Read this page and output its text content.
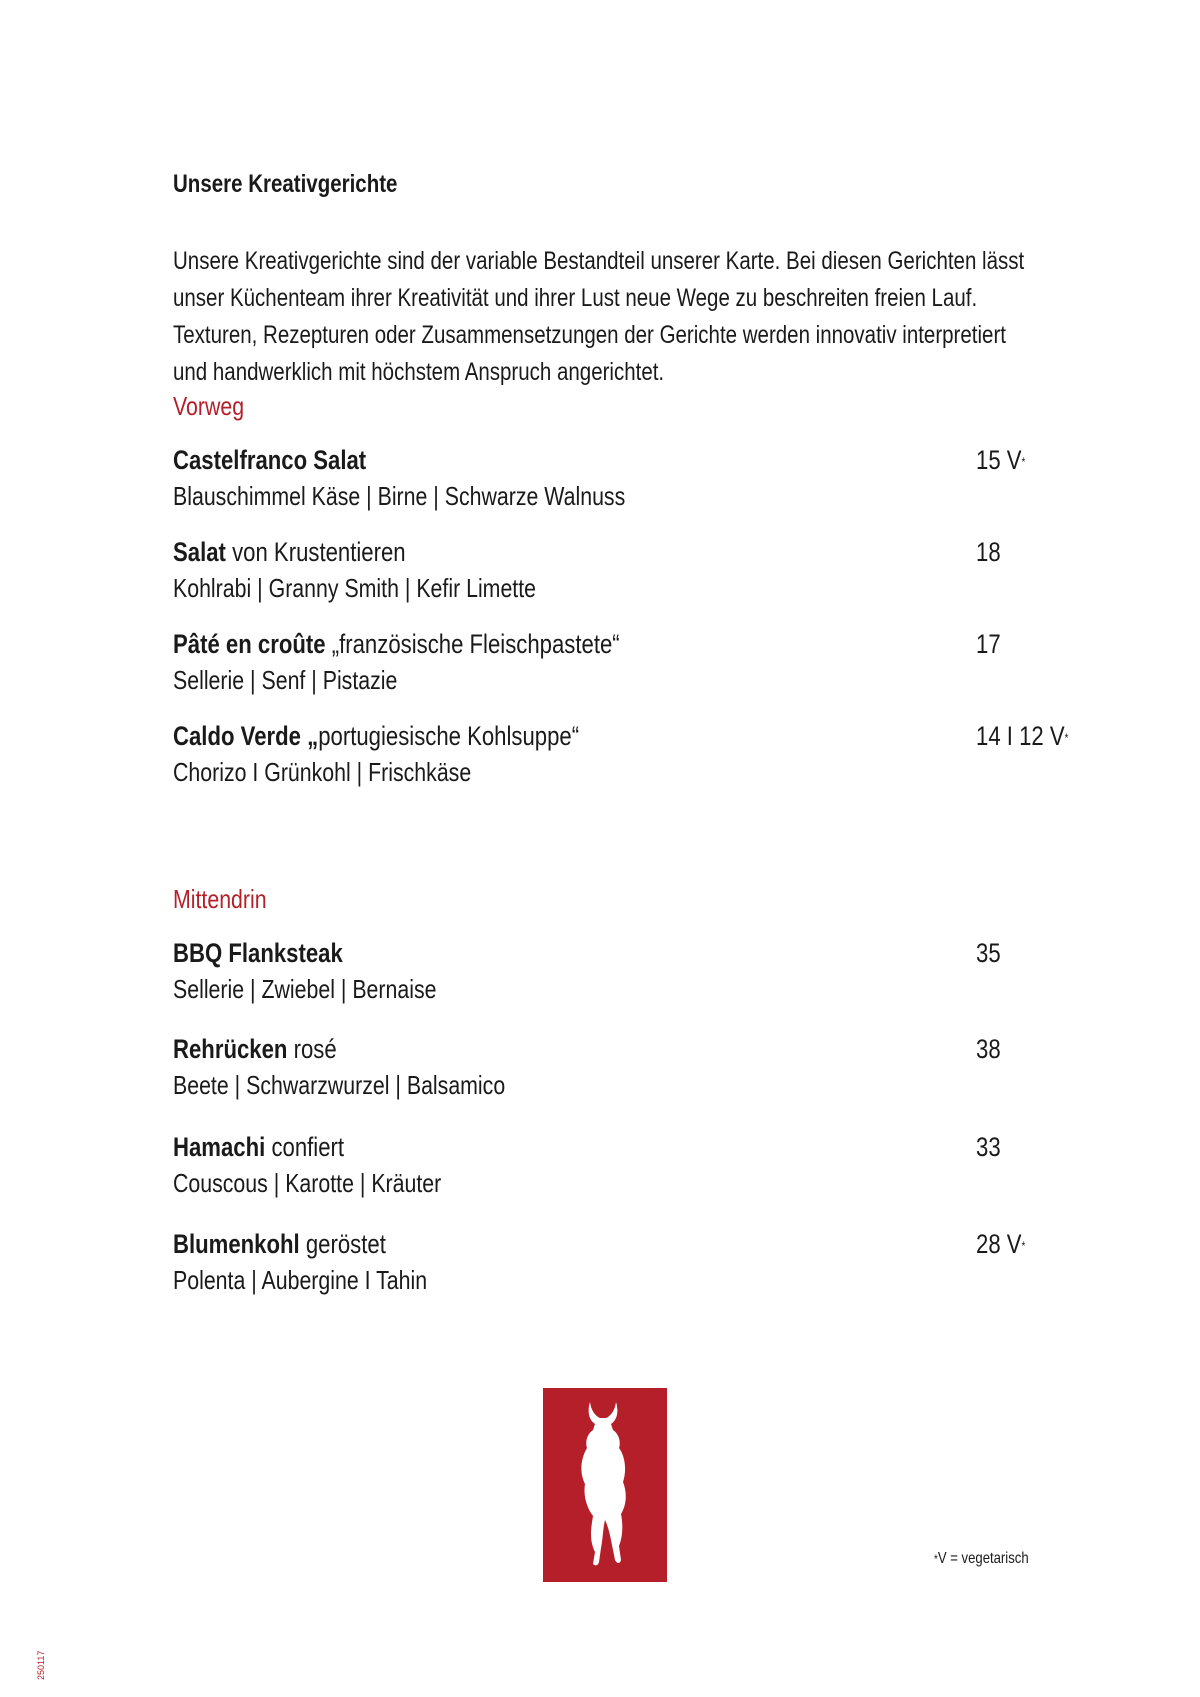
Unsere Kreativgerichte
Unsere Kreativgerichte sind der variable Bestandteil unserer Karte. Bei diesen Gerichten lässt
unser Küchenteam ihrer Kreativität und ihrer Lust neue Wege zu beschreiten freien Lauf.
Texturen, Rezepturen oder Zusammensetzungen der Gerichte werden innovativ interpretiert
und handwerklich mit höchstem Anspruch angerichtet.
Vorweg
Castelfranco Salat
Blauschimmel Käse | Birne | Schwarze Walnuss
15 V*
Salat von Krustentieren
Kohlrabi | Granny Smith | Kefir Limette
18
Pâté en croûte „französische Fleischpastete“
Sellerie | Senf | Pistazie
17
Caldo Verde „portugiesische Kohlsuppe“
Chorizo I Grünkohl | Frischkäse
14 I 12 V*
Mittendrin
BBQ Flanksteak
Sellerie | Zwiebel | Bernaise
35
Rehrücken rosé
Beete | Schwarzwurzel | Balsamico
38
Hamachi confiert
Couscous | Karotte | Kräuter
33
Blumenkohl geröstet
Polenta | Aubergine I Tahin
28 V*
*V = vegetarisch
250117
